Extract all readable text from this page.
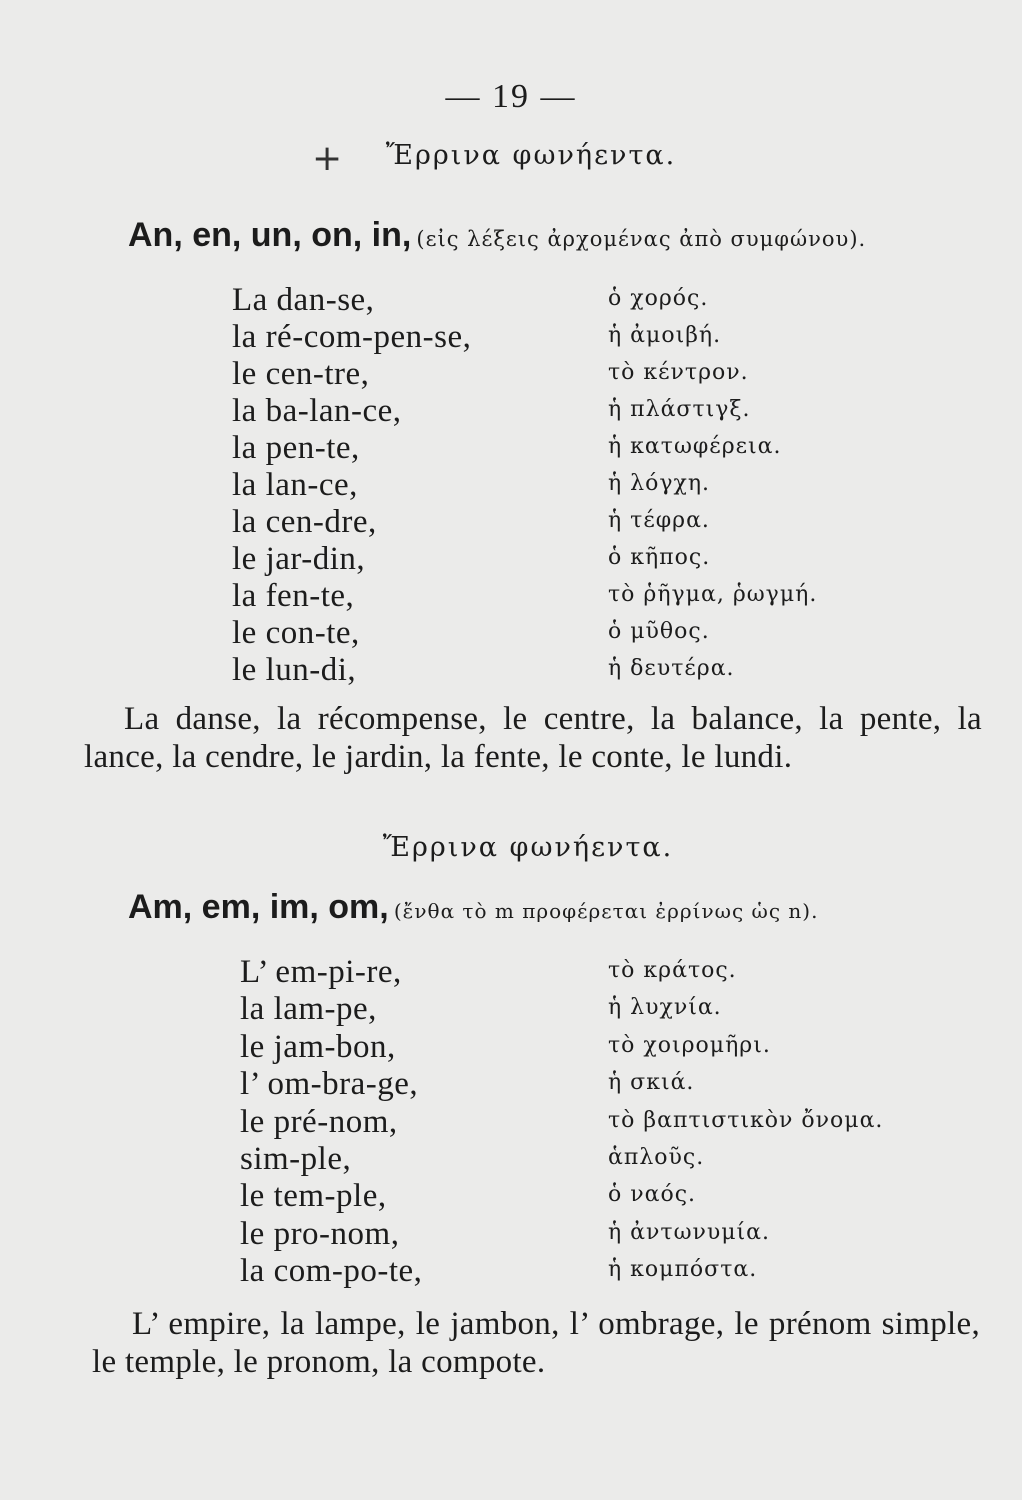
— 19 —
+	Ἔρρινα φωνήεντα.
An, en, un, on, in, (εἰς λέξεις ἀρχομένας ἀπὸ συμφώνου).
La dan-se,	ὁ χορός.
la ré-com-pen-se,	ἡ ἀμοιβή.
le cen-tre,	τὸ κέντρον.
la ba-lan-ce,	ἡ πλάστιγξ.
la pen-te,	ἡ κατωφέρεια.
la lan-ce,	ἡ λόγχη.
la cen-dre,	ἡ τέφρα.
le jar-din,	ὁ κῆπος.
la fen-te,	τὸ ῥῆγμα, ῥωγμή.
le con-te,	ὁ μῦθος.
le lun-di,	ἡ δευτέρα.

La danse, la récompense, le centre, la balance, la pente, la lance, la cendre, le jardin, la fente, le conte, le lundi.

Ἔρρινα φωνήεντα.
Am, em, im, om, (ἔνθα τὸ m προφέρεται ἐρρίνως ὡς n).
L’ em-pi-re,	τὸ κράτος.
la lam-pe,	ἡ λυχνία.
le jam-bon,	τὸ χοιρομῆρι.
l’ om-bra-ge,	ἡ σκιά.
le pré-nom,	τὸ βαπτιστικὸν ὄνομα.
sim-ple,	ἁπλοῦς.
le tem-ple,	ὁ ναός.
le pro-nom,	ἡ ἀντωνυμία.
la com-po-te,	ἡ κομπόστα.

L’ empire, la lampe, le jambon, l’ ombrage, le prénom simple, le temple, le pronom, la compote.
